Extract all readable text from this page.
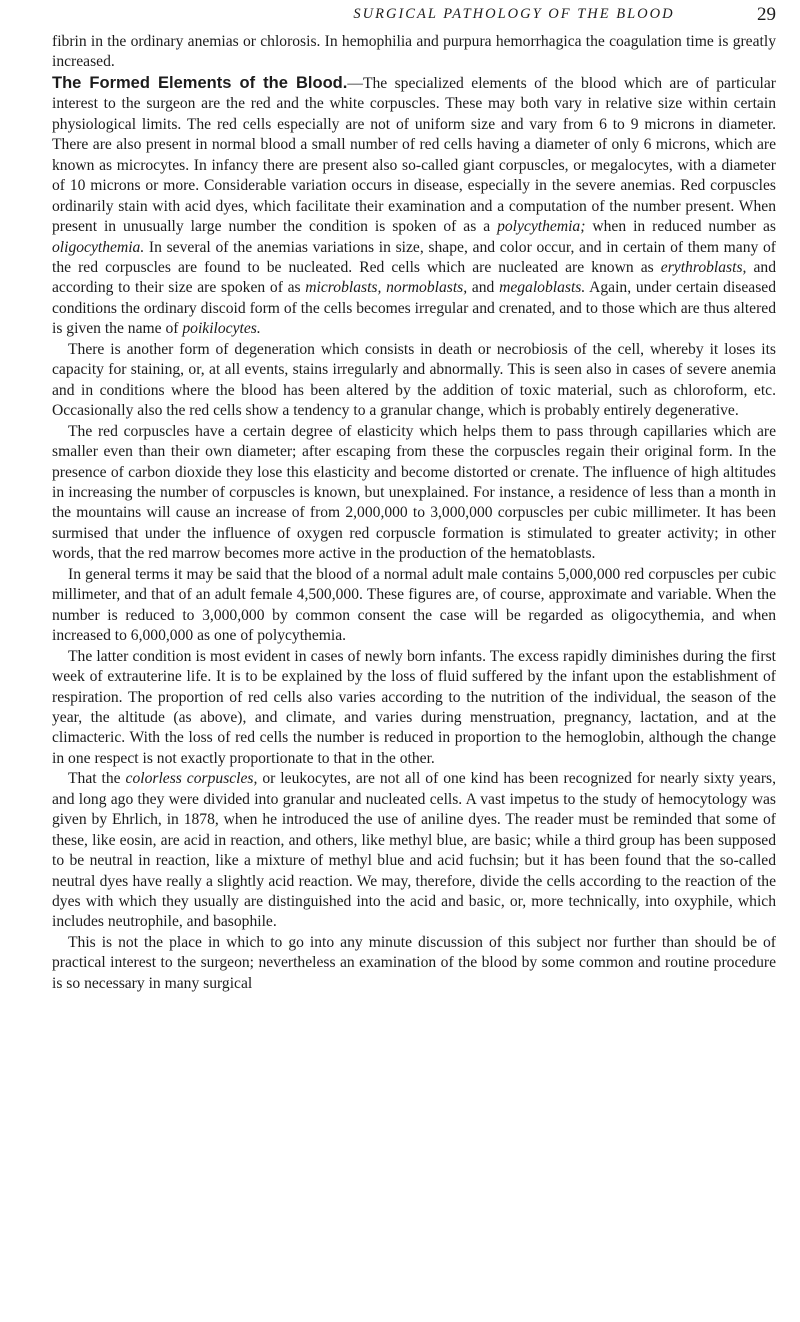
SURGICAL PATHOLOGY OF THE BLOOD	29

fibrin in the ordinary anemias or chlorosis. In hemophilia and purpura hemorrhagica the coagulation time is greatly increased.

The Formed Elements of the Blood.—The specialized elements of the blood which are of particular interest to the surgeon are the red and the white corpuscles. These may both vary in relative size within certain physiological limits. The red cells especially are not of uniform size and vary from 6 to 9 microns in diameter. There are also present in normal blood a small number of red cells having a diameter of only 6 microns, which are known as microcytes. In infancy there are present also so-called giant corpuscles, or megalocytes, with a diameter of 10 microns or more. Considerable variation occurs in disease, especially in the severe anemias. Red corpuscles ordinarily stain with acid dyes, which facilitate their examination and a computation of the number present. When present in unusually large number the condition is spoken of as a polycythemia; when in reduced number as oligocythemia. In several of the anemias variations in size, shape, and color occur, and in certain of them many of the red corpuscles are found to be nucleated. Red cells which are nucleated are known as erythroblasts, and according to their size are spoken of as microblasts, normoblasts, and megaloblasts. Again, under certain diseased conditions the ordinary discoid form of the cells becomes irregular and crenated, and to those which are thus altered is given the name of poikilocytes.

There is another form of degeneration which consists in death or necrobiosis of the cell, whereby it loses its capacity for staining, or, at all events, stains irregularly and abnormally. This is seen also in cases of severe anemia and in conditions where the blood has been altered by the addition of toxic material, such as chloroform, etc. Occasionally also the red cells show a tendency to a granular change, which is probably entirely degenerative.

The red corpuscles have a certain degree of elasticity which helps them to pass through capillaries which are smaller even than their own diameter; after escaping from these the corpuscles regain their original form. In the presence of carbon dioxide they lose this elasticity and become distorted or crenate. The influence of high altitudes in increasing the number of corpuscles is known, but unexplained. For instance, a residence of less than a month in the mountains will cause an increase of from 2,000,000 to 3,000,000 corpuscles per cubic millimeter. It has been surmised that under the influence of oxygen red corpuscle formation is stimulated to greater activity; in other words, that the red marrow becomes more active in the production of the hematoblasts.

In general terms it may be said that the blood of a normal adult male contains 5,000,000 red corpuscles per cubic millimeter, and that of an adult female 4,500,000. These figures are, of course, approximate and variable. When the number is reduced to 3,000,000 by common consent the case will be regarded as oligocythemia, and when increased to 6,000,000 as one of polycythemia.

The latter condition is most evident in cases of newly born infants. The excess rapidly diminishes during the first week of extrauterine life. It is to be explained by the loss of fluid suffered by the infant upon the establishment of respiration. The proportion of red cells also varies according to the nutrition of the individual, the season of the year, the altitude (as above), and climate, and varies during menstruation, pregnancy, lactation, and at the climacteric. With the loss of red cells the number is reduced in proportion to the hemoglobin, although the change in one respect is not exactly proportionate to that in the other.

That the colorless corpuscles, or leukocytes, are not all of one kind has been recognized for nearly sixty years, and long ago they were divided into granular and nucleated cells. A vast impetus to the study of hemocytology was given by Ehrlich, in 1878, when he introduced the use of aniline dyes. The reader must be reminded that some of these, like eosin, are acid in reaction, and others, like methyl blue, are basic; while a third group has been supposed to be neutral in reaction, like a mixture of methyl blue and acid fuchsin; but it has been found that the so-called neutral dyes have really a slightly acid reaction. We may, therefore, divide the cells according to the reaction of the dyes with which they usually are distinguished into the acid and basic, or, more technically, into oxyphile, which includes neutrophile, and basophile.

This is not the place in which to go into any minute discussion of this subject nor further than should be of practical interest to the surgeon; nevertheless an examination of the blood by some common and routine procedure is so necessary in many surgical
